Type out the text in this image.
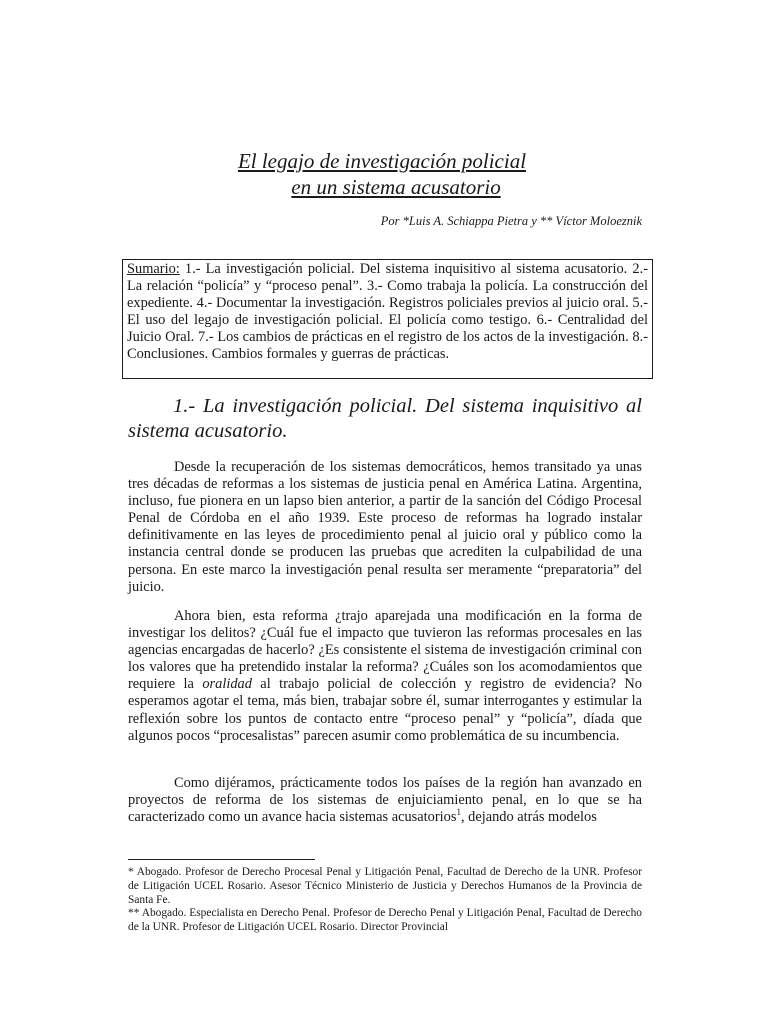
El legajo de investigación policial
en un sistema acusatorio
Por *Luis A. Schiappa Pietra y ** Víctor Moloeznik
Sumario: 1.- La investigación policial. Del sistema inquisitivo al sistema acusatorio. 2.- La relación “policía” y “proceso penal”. 3.- Como trabaja la policía. La construcción del expediente. 4.- Documentar la investigación. Registros policiales previos al juicio oral. 5.- El uso del legajo de investigación policial. El policía como testigo. 6.- Centralidad del Juicio Oral. 7.- Los cambios de prácticas en el registro de los actos de la investigación. 8.- Conclusiones. Cambios formales y guerras de prácticas.
1.- La investigación policial. Del sistema inquisitivo al sistema acusatorio.

Desde la recuperación de los sistemas democráticos, hemos transitado ya unas tres décadas de reformas a los sistemas de justicia penal en América Latina. Argentina, incluso, fue pionera en un lapso bien anterior, a partir de la sanción del Código Procesal Penal de Córdoba en el año 1939. Este proceso de reformas ha logrado instalar definitivamente en las leyes de procedimiento penal al juicio oral y público como la instancia central donde se producen las pruebas que acrediten la culpabilidad de una persona. En este marco la investigación penal resulta ser meramente “preparatoria” del juicio.

Ahora bien, esta reforma ¿trajo aparejada una modificación en la forma de investigar los delitos? ¿Cuál fue el impacto que tuvieron las reformas procesales en las agencias encargadas de hacerlo? ¿Es consistente el sistema de investigación criminal con los valores que ha pretendido instalar la reforma? ¿Cuáles son los acomodamientos que requiere la oralidad al trabajo policial de colección y registro de evidencia? No esperamos agotar el tema, más bien, trabajar sobre él, sumar interrogantes y estimular la reflexión sobre los puntos de contacto entre “proceso penal” y “policía”, díada que algunos pocos “procesalistas” parecen asumir como problemática de su incumbencia.

Como dijéramos, prácticamente todos los países de la región han avanzado en proyectos de reforma de los sistemas de enjuiciamiento penal, en lo que se ha caracterizado como un avance hacia sistemas acusatorios$^1$, dejando atrás modelos

* Abogado. Profesor de Derecho Procesal Penal y Litigación Penal, Facultad de Derecho de la UNR. Profesor de Litigación UCEL Rosario. Asesor Técnico Ministerio de Justicia y Derechos Humanos de la Provincia de Santa Fe.

** Abogado. Especialista en Derecho Penal. Profesor de Derecho Penal y Litigación Penal, Facultad de Derecho de la UNR. Profesor de Litigación UCEL Rosario. Director Provincial
